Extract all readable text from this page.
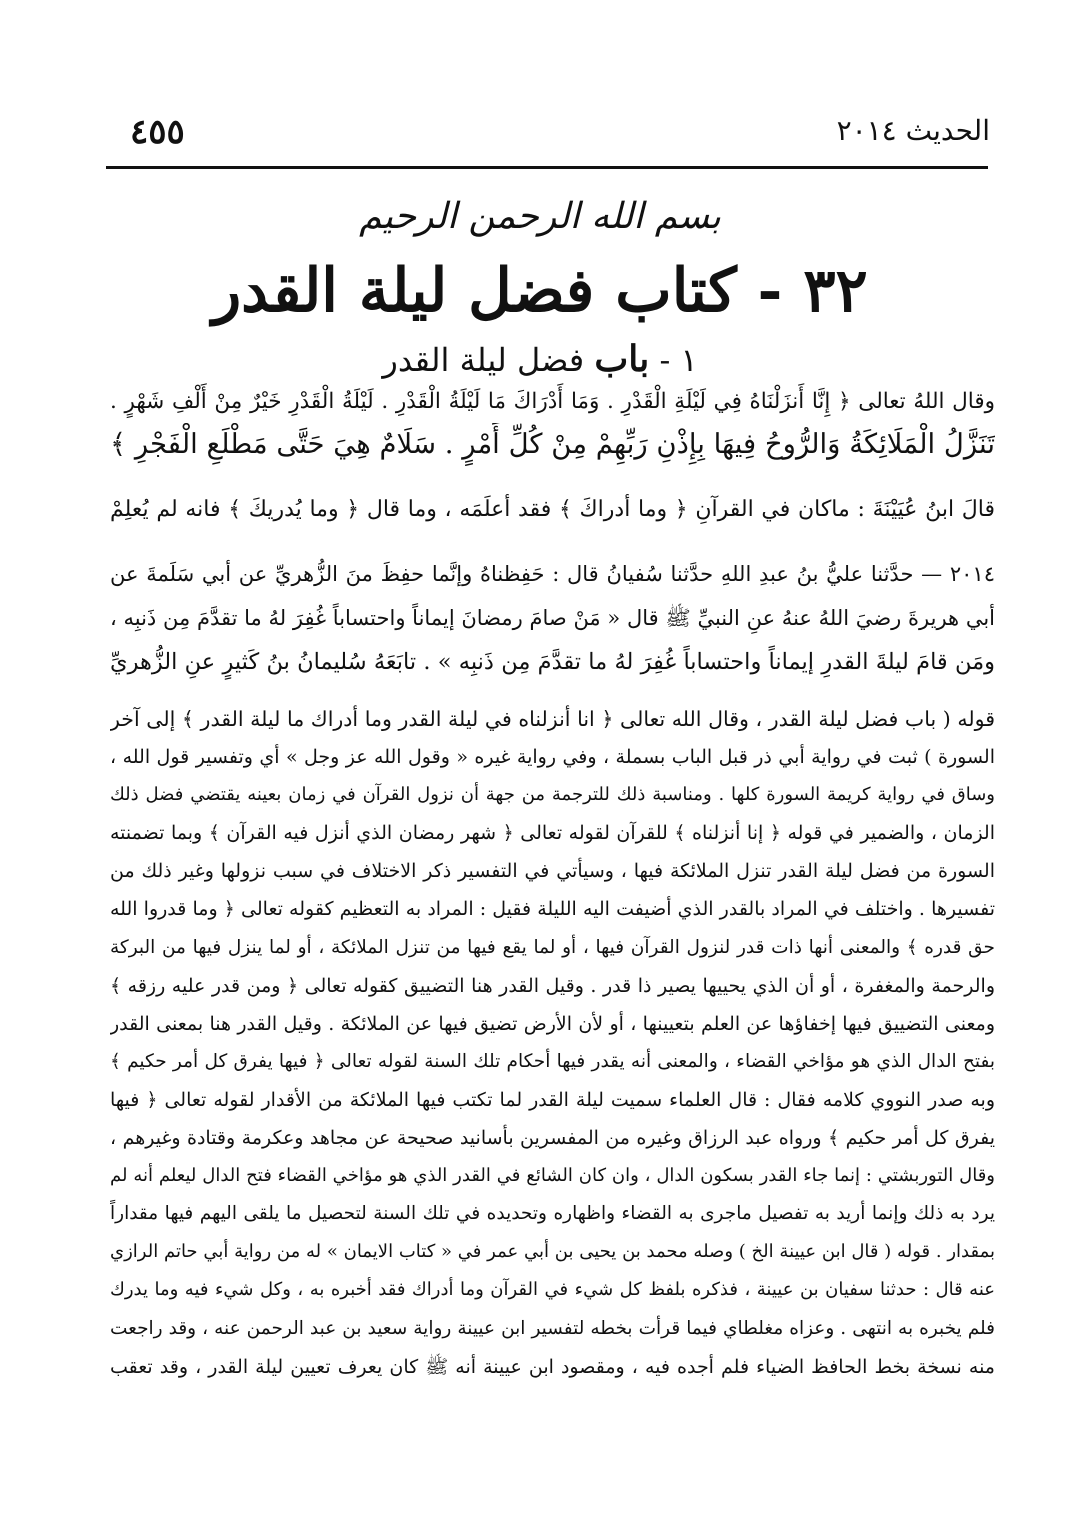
٤٥٥	الحديث ٢٠١٤
بسم الله الرحمن الرحيم
٣٢ - كتاب فضل ليلة القدر
١ - باب فضل ليلة القدر
وقال اللهُ تعالى ﴿ إِنَّا أَنزَلْنَاهُ فِي لَيْلَةِ الْقَدْرِ . وَمَا أَدْرَاكَ مَا لَيْلَةُ الْقَدْرِ . لَيْلَةُ الْقَدْرِ خَيْرٌ مِنْ أَلْفِ شَهْرٍ .
تَنَزَّلُ الْمَلَائِكَةُ وَالرُّوحُ فِيهَا بِإِذْنِ رَبِّهِمْ مِنْ كُلِّ أَمْرٍ . سَلَامٌ هِيَ حَتَّى مَطْلَعِ الْفَجْرِ ﴾
قالَ ابنُ عُيَيْنَةَ : ماكان في القرآنِ ﴿ وما أدراكَ ﴾ فقد أعلَمَه ، وما قال ﴿ وما يُدريكَ ﴾ فانه لم يُعلِمْ
٢٠١٤ — حدَّثنا عليُّ بنُ عبدِ اللهِ حدَّثنا سُفيانُ قال : حَفِظناهُ وإنَّما حفِظَ منَ الزُّهريِّ عن أبي سَلَمةَ عن
أبي هريرةَ رضيَ اللهُ عنهُ عنِ النبيِّ ﷺ قال « مَنْ صامَ رمضانَ إيماناً واحتساباً غُفِرَ لهُ ما تقدَّمَ مِن ذَنبِه ،
ومَن قامَ ليلةَ القدرِ إيماناً واحتساباً غُفِرَ لهُ ما تقدَّمَ مِن ذَنبِه » . تابَعَهُ سُليمانُ بنُ كَثيرٍ عنِ الزُّهريِّ
قوله ( باب فضل ليلة القدر ، وقال الله تعالى ﴿ انا أنزلناه في ليلة القدر وما أدراك ما ليلة القدر ﴾ إلى آخر
السورة ) ثبت في رواية أبي ذر قبل الباب بسملة ، وفي رواية غيره « وقول الله عز وجل » أي وتفسير قول الله ،
وساق في رواية كريمة السورة كلها . ومناسبة ذلك للترجمة من جهة أن نزول القرآن في زمان بعينه يقتضي فضل ذلك
الزمان ، والضمير في قوله ﴿ إنا أنزلناه ﴾ للقرآن لقوله تعالى ﴿ شهر رمضان الذي أنزل فيه القرآن ﴾ وبما تضمنته
السورة من فضل ليلة القدر تنزل الملائكة فيها ، وسيأتي في التفسير ذكر الاختلاف في سبب نزولها وغير ذلك من
تفسيرها . واختلف في المراد بالقدر الذي أضيفت اليه الليلة فقيل : المراد به التعظيم كقوله تعالى ﴿ وما قدروا الله
حق قدره ﴾ والمعنى أنها ذات قدر لنزول القرآن فيها ، أو لما يقع فيها من تنزل الملائكة ، أو لما ينزل فيها من البركة
والرحمة والمغفرة ، أو أن الذي يحييها يصير ذا قدر . وقيل القدر هنا التضييق كقوله تعالى ﴿ ومن قدر عليه رزقه ﴾
ومعنى التضييق فيها إخفاؤها عن العلم بتعيينها ، أو لأن الأرض تضيق فيها عن الملائكة . وقيل القدر هنا بمعنى القدر
بفتح الدال الذي هو مؤاخي القضاء ، والمعنى أنه يقدر فيها أحكام تلك السنة لقوله تعالى ﴿ فيها يفرق كل أمر حكيم ﴾
وبه صدر النووي كلامه فقال : قال العلماء سميت ليلة القدر لما تكتب فيها الملائكة من الأقدار لقوله تعالى ﴿ فيها
يفرق كل أمر حكيم ﴾ ورواه عبد الرزاق وغيره من المفسرين بأسانيد صحيحة عن مجاهد وعكرمة وقتادة وغيرهم ،
وقال التوربشتي : إنما جاء القدر بسكون الدال ، وان كان الشائع في القدر الذي هو مؤاخي القضاء فتح الدال ليعلم أنه لم
يرد به ذلك وإنما أريد به تفصيل ماجرى به القضاء واظهاره وتحديده في تلك السنة لتحصيل ما يلقى اليهم فيها مقداراً
بمقدار . قوله ( قال ابن عيينة الخ ) وصله محمد بن يحيى بن أبي عمر في « كتاب الايمان » له من رواية أبي حاتم الرازي
عنه قال : حدثنا سفيان بن عيينة ، فذكره بلفظ كل شيء في القرآن وما أدراك فقد أخبره به ، وكل شيء فيه وما يدرك
فلم يخبره به انتهى . وعزاه مغلطاي فيما قرأت بخطه لتفسير ابن عيينة رواية سعيد بن عبد الرحمن عنه ، وقد راجعت
منه نسخة بخط الحافظ الضياء فلم أجده فيه ، ومقصود ابن عيينة أنه ﷺ كان يعرف تعيين ليلة القدر ، وقد تعقب
